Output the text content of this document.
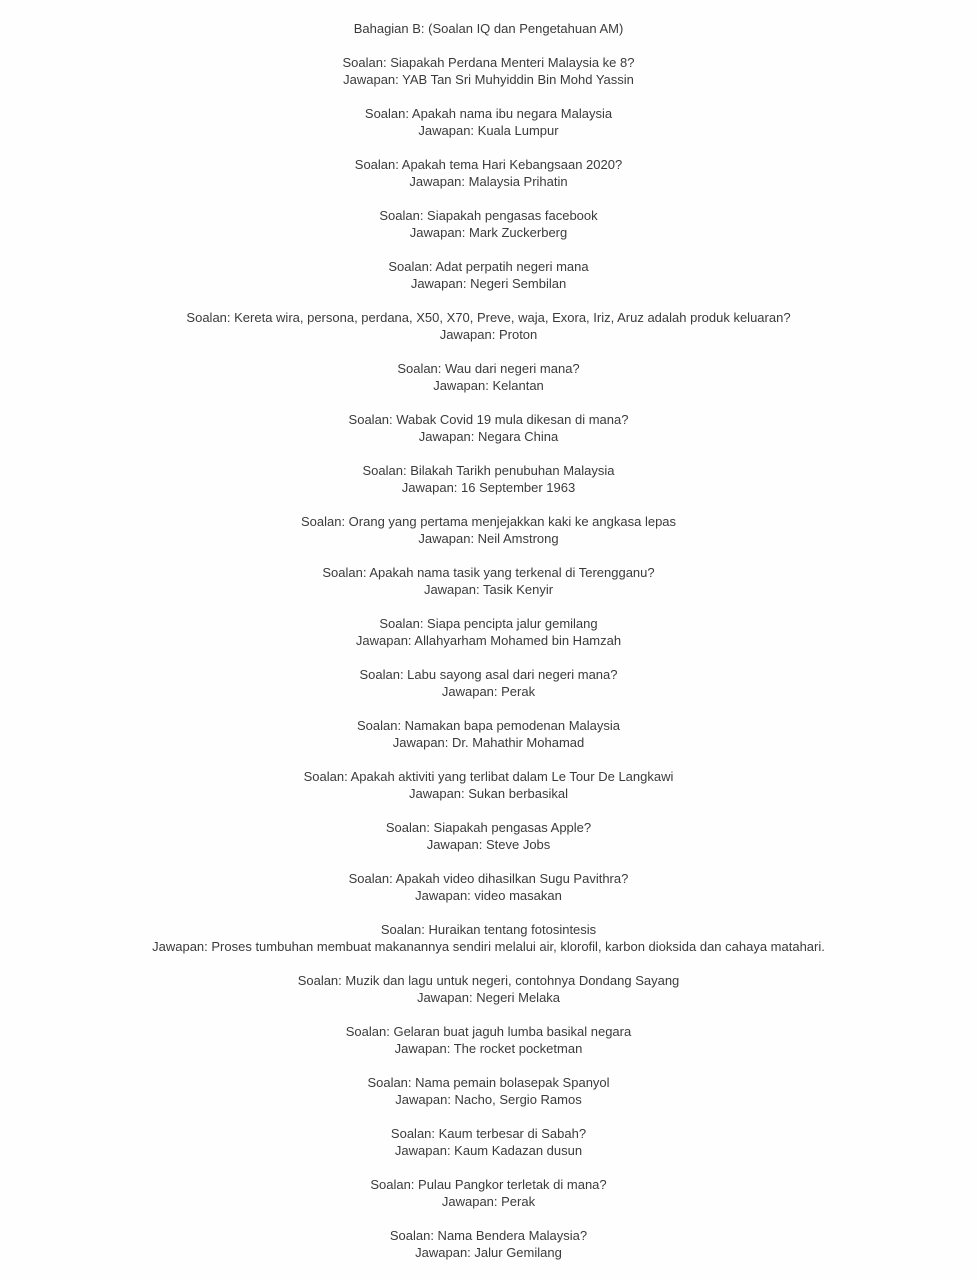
Bahagian B: (Soalan IQ dan Pengetahuan AM)

Soalan: Siapakah Perdana Menteri Malaysia ke 8?

Jawapan: YAB Tan Sri Muhyiddin Bin Mohd Yassin

Soalan: Apakah nama ibu negara Malaysia

Jawapan: Kuala Lumpur

Soalan: Apakah tema Hari Kebangsaan 2020?

Jawapan: Malaysia Prihatin

Soalan: Siapakah pengasas facebook

Jawapan: Mark Zuckerberg

Soalan: Adat perpatih negeri mana

Jawapan: Negeri Sembilan

Soalan: Kereta wira, persona, perdana, X50, X70, Preve, waja, Exora, Iriz, Aruz adalah produk keluaran?

Jawapan: Proton

Soalan: Wau dari negeri mana?

Jawapan: Kelantan

Soalan: Wabak Covid 19 mula dikesan di mana?

Jawapan: Negara China

Soalan: Bilakah Tarikh penubuhan Malaysia

Jawapan: 16 September 1963

Soalan: Orang yang pertama menjejakkan kaki ke angkasa lepas

Jawapan: Neil Amstrong

Soalan: Apakah nama tasik yang terkenal di Terengganu?

Jawapan: Tasik Kenyir

Soalan: Siapa pencipta jalur gemilang

Jawapan: Allahyarham Mohamed bin Hamzah

Soalan: Labu sayong asal dari negeri mana?

Jawapan: Perak

Soalan: Namakan bapa pemodenan Malaysia

Jawapan: Dr. Mahathir Mohamad

Soalan: Apakah aktiviti yang terlibat dalam Le Tour De Langkawi

Jawapan: Sukan berbasikal

Soalan: Siapakah pengasas Apple?

Jawapan: Steve Jobs

Soalan: Apakah video dihasilkan Sugu Pavithra?

Jawapan: video masakan

Soalan: Huraikan tentang fotosintesis

Jawapan: Proses tumbuhan membuat makanannya sendiri melalui air, klorofil, karbon dioksida dan cahaya matahari.

Soalan: Muzik dan lagu untuk negeri, contohnya Dondang Sayang

Jawapan: Negeri Melaka

Soalan: Gelaran buat jaguh lumba basikal negara

Jawapan: The rocket pocketman

Soalan: Nama pemain bolasepak Spanyol

Jawapan: Nacho, Sergio Ramos

Soalan: Kaum terbesar di Sabah?

Jawapan: Kaum Kadazan dusun

Soalan: Pulau Pangkor terletak di mana?

Jawapan: Perak

Soalan: Nama Bendera Malaysia?

Jawapan: Jalur Gemilang
